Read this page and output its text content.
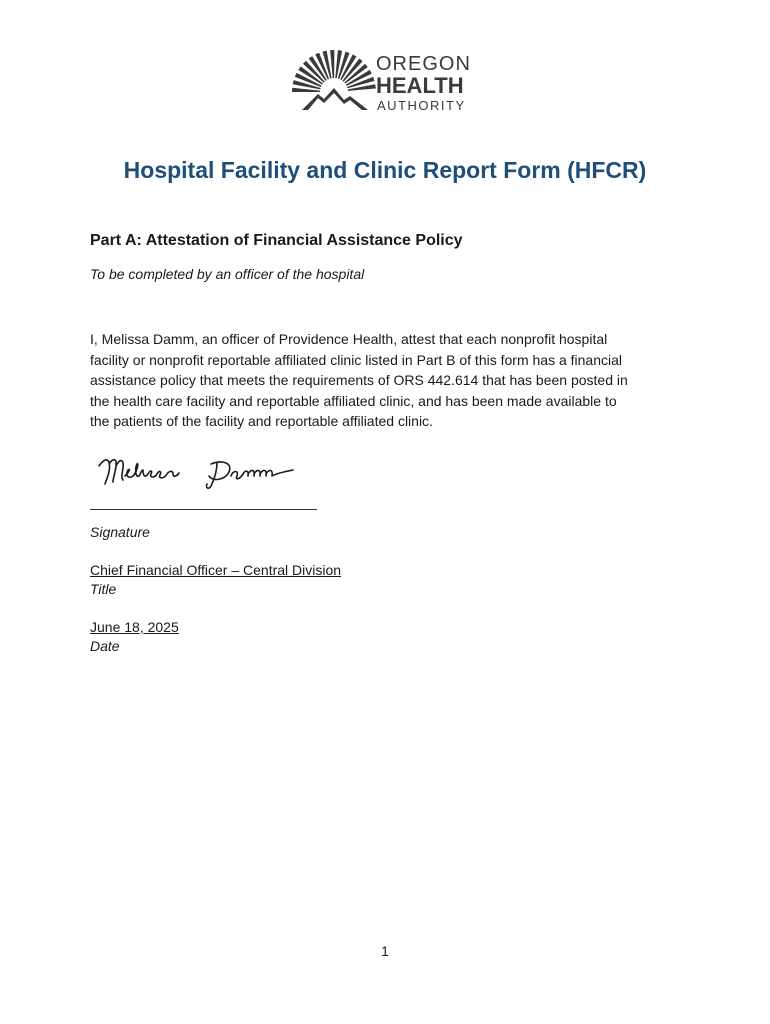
OREGON
HEALTH
AUTHORITY
Hospital Facility and Clinic Report Form (HFCR)
Part A: Attestation of Financial Assistance Policy

To be completed by an officer of the hospital

I, Melissa Damm, an officer of Providence Health, attest that each nonprofit hospital
facility or nonprofit reportable affiliated clinic listed in Part B of this form has a financial
assistance policy that meets the requirements of ORS 442.614 that has been posted in
the health care facility and reportable affiliated clinic, and has been made available to
the patients of the facility and reportable affiliated clinic.

Signature

Chief Financial Officer – Central Division

Title

June 18, 2025

Date

1
